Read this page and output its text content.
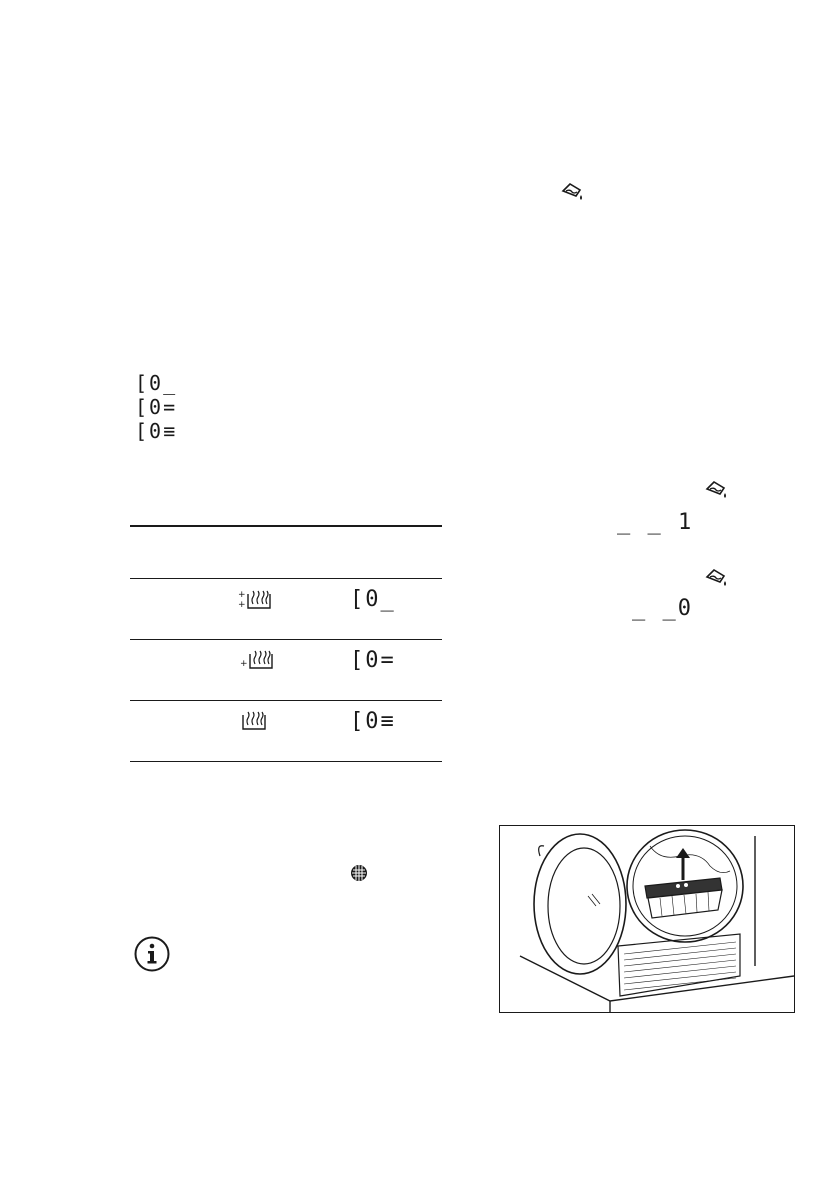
[0_
[0=
[0≡
+
+	[0_
+	[0=
[0≡
_ _ 1
_ _0
